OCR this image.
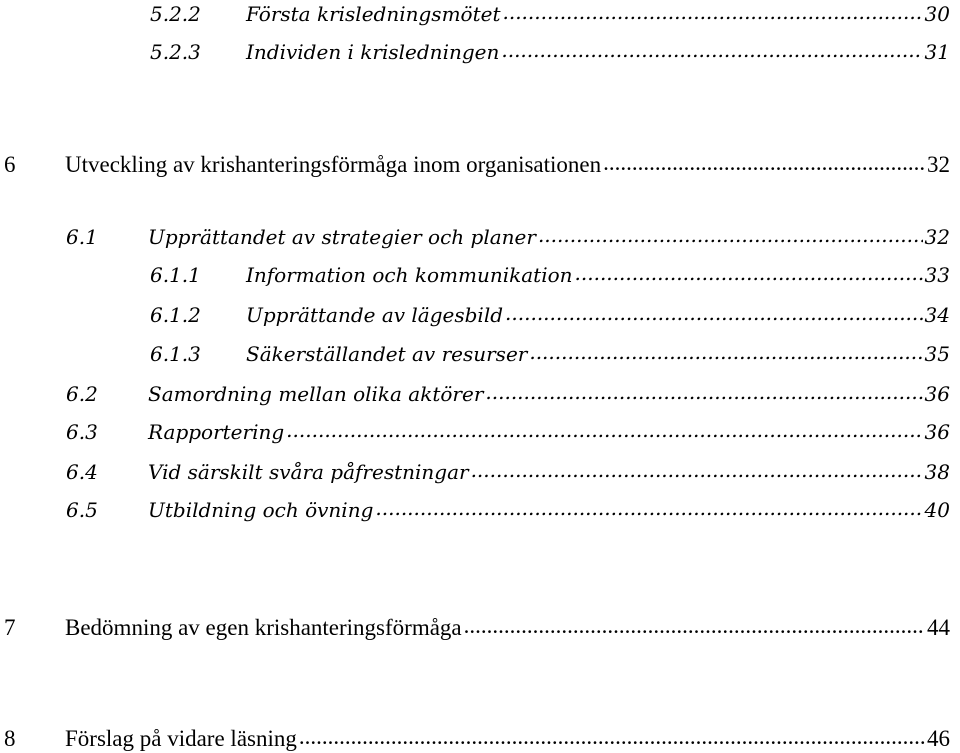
5.2.2	Första krisledningsmötet .....	30
5.2.3	Individen i krisledningen .....	31
6	Utveckling av krishanteringsförmåga inom organisationen .....	32
6.1	Upprättandet av strategier och planer .....	32
6.1.1	Information och kommunikation .....	33
6.1.2	Upprättande av lägesbild .....	34
6.1.3	Säkerställandet av resurser .....	35
6.2	Samordning mellan olika aktörer .....	36
6.3	Rapportering .....	36
6.4	Vid särskilt svåra påfrestningar .....	38
6.5	Utbildning och övning .....	40
7	Bedömning av egen krishanteringsförmåga .....	44
8	Förslag på vidare läsning .....	46
